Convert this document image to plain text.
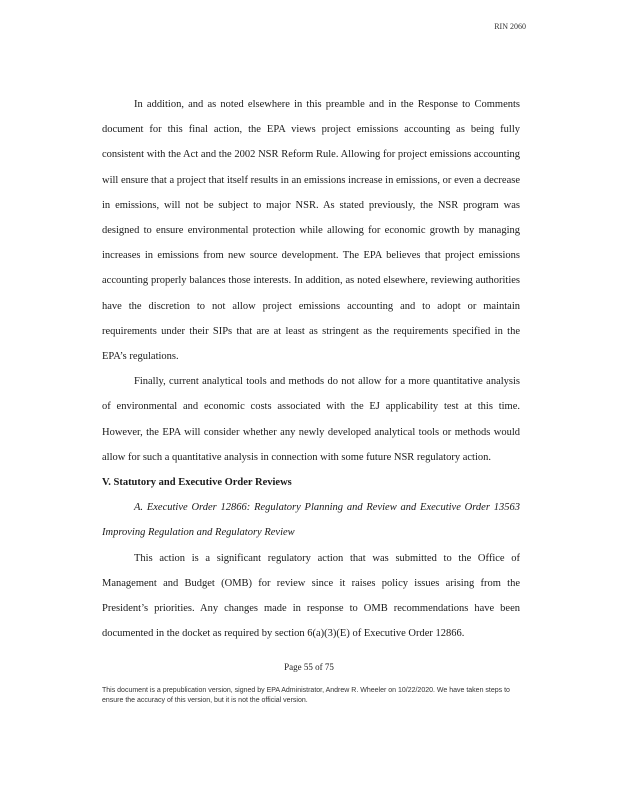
RIN 2060

In addition, and as noted elsewhere in this preamble and in the Response to Comments document for this final action, the EPA views project emissions accounting as being fully consistent with the Act and the 2002 NSR Reform Rule. Allowing for project emissions accounting will ensure that a project that itself results in an emissions increase in emissions, or even a decrease in emissions, will not be subject to major NSR. As stated previously, the NSR program was designed to ensure environmental protection while allowing for economic growth by managing increases in emissions from new source development. The EPA believes that project emissions accounting properly balances those interests. In addition, as noted elsewhere, reviewing authorities have the discretion to not allow project emissions accounting and to adopt or maintain requirements under their SIPs that are at least as stringent as the requirements specified in the EPA’s regulations.

Finally, current analytical tools and methods do not allow for a more quantitative analysis of environmental and economic costs associated with the EJ applicability test at this time. However, the EPA will consider whether any newly developed analytical tools or methods would allow for such a quantitative analysis in connection with some future NSR regulatory action.

V. Statutory and Executive Order Reviews

A. Executive Order 12866: Regulatory Planning and Review and Executive Order 13563 Improving Regulation and Regulatory Review

This action is a significant regulatory action that was submitted to the Office of Management and Budget (OMB) for review since it raises policy issues arising from the President’s priorities. Any changes made in response to OMB recommendations have been documented in the docket as required by section 6(a)(3)(E) of Executive Order 12866.

Page 55 of 75
This document is a prepublication version, signed by EPA Administrator, Andrew R. Wheeler on 10/22/2020. We have taken steps to ensure the accuracy of this version, but it is not the official version.
